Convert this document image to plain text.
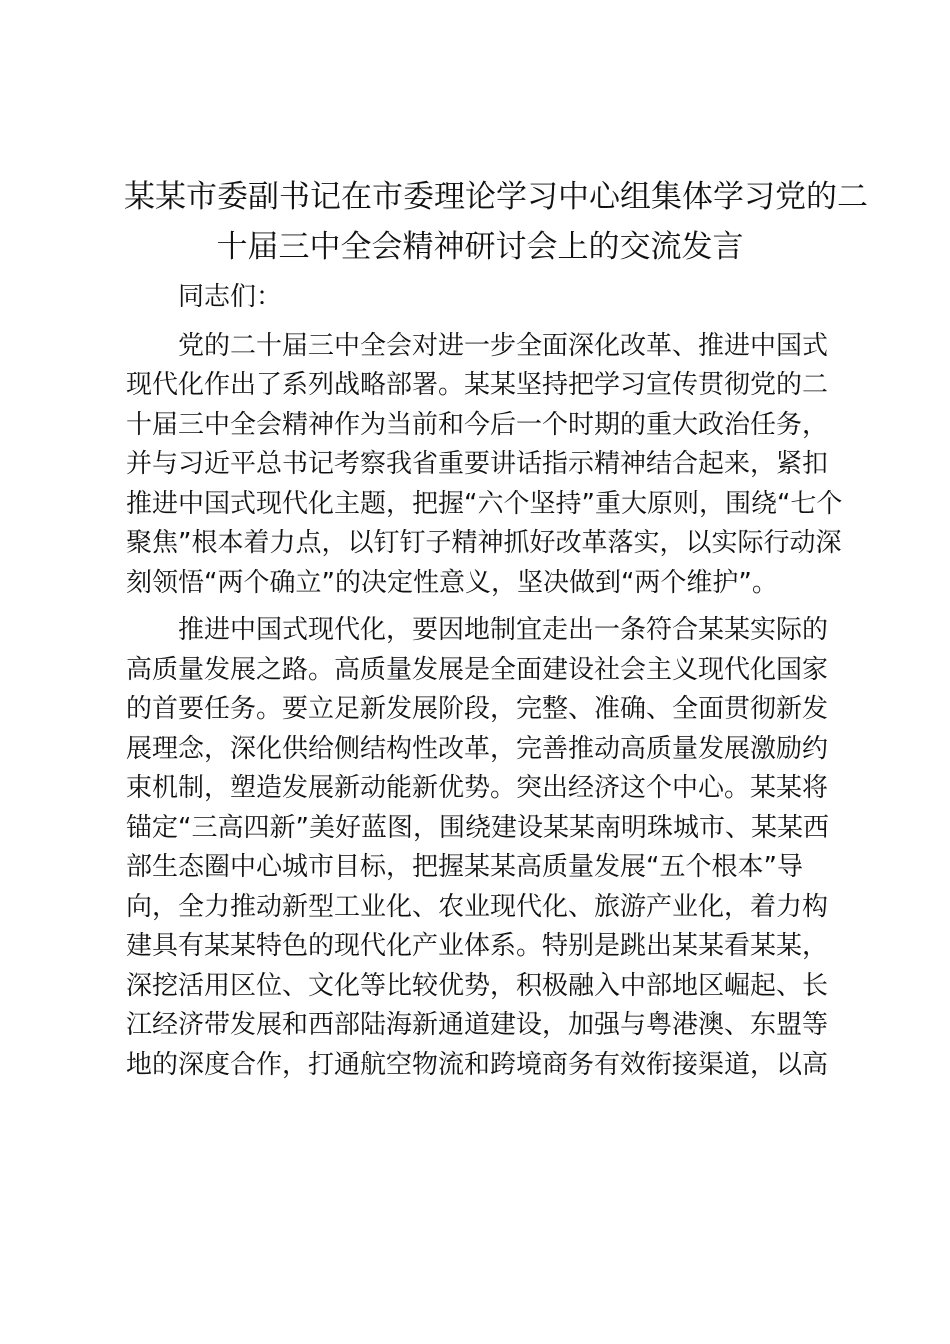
某某市委副书记在市委理论学习中心组集体学习党的二
十届三中全会精神研讨会上的交流发言
同志们：
党的二十届三中全会对进一步全面深化改革、推进中国式
现代化作出了系列战略部署。某某坚持把学习宣传贯彻党的二
十届三中全会精神作为当前和今后一个时期的重大政治任务，
并与习近平总书记考察我省重要讲话指示精神结合起来，紧扣
推进中国式现代化主题，把握“六个坚持”重大原则，围绕“七个
聚焦”根本着力点，以钉钉子精神抓好改革落实，以实际行动深
刻领悟“两个确立”的决定性意义，坚决做到“两个维护”。
推进中国式现代化，要因地制宜走出一条符合某某实际的
高质量发展之路。高质量发展是全面建设社会主义现代化国家
的首要任务。要立足新发展阶段，完整、准确、全面贯彻新发
展理念，深化供给侧结构性改革，完善推动高质量发展激励约
束机制，塑造发展新动能新优势。突出经济这个中心。某某将
锚定“三高四新”美好蓝图，围绕建设某某南明珠城市、某某西
部生态圈中心城市目标，把握某某高质量发展“五个根本”导
向，全力推动新型工业化、农业现代化、旅游产业化，着力构
建具有某某特色的现代化产业体系。特别是跳出某某看某某，
深挖活用区位、文化等比较优势，积极融入中部地区崛起、长
江经济带发展和西部陆海新通道建设，加强与粤港澳、东盟等
地的深度合作，打通航空物流和跨境商务有效衔接渠道，以高
